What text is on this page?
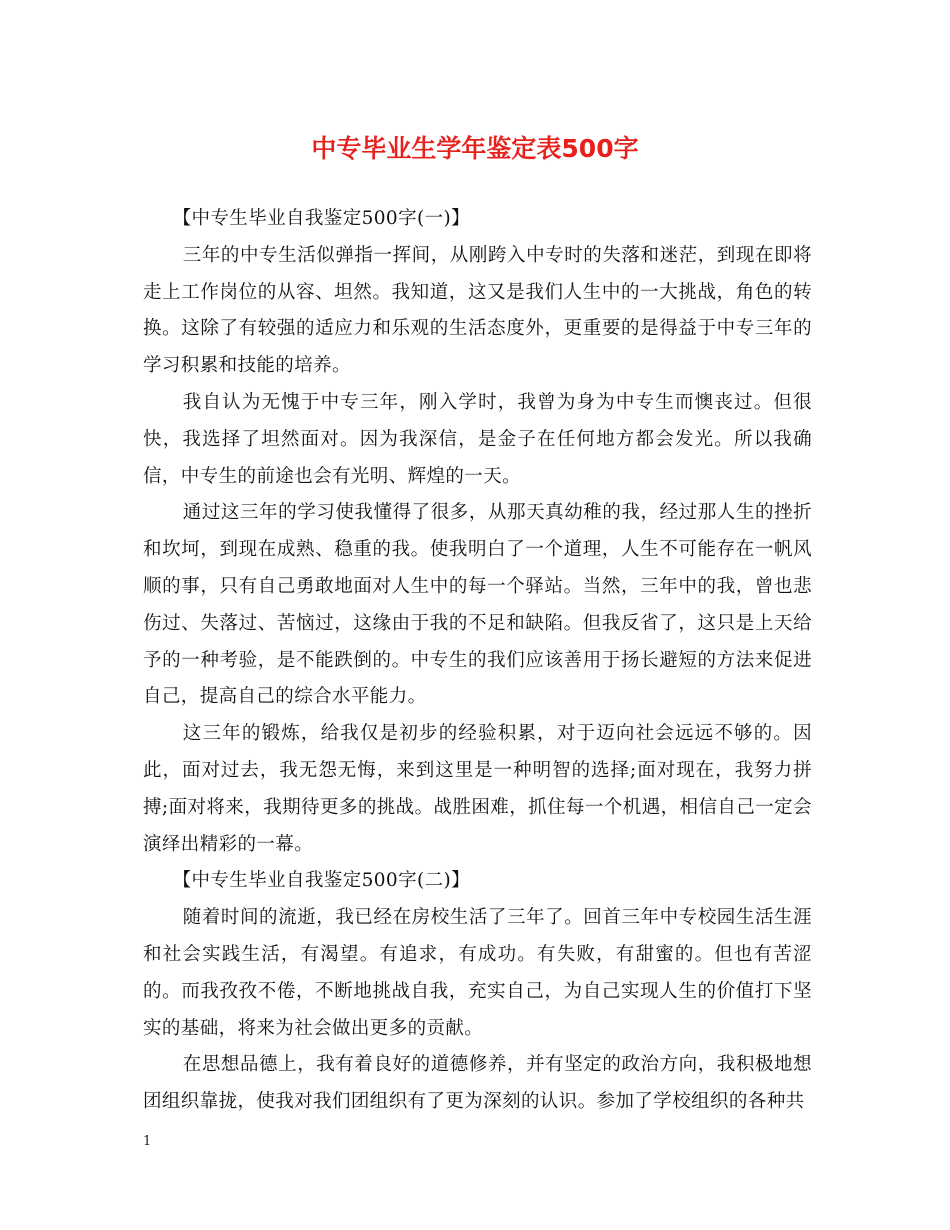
中专毕业生学年鉴定表500字

【中专生毕业自我鉴定500字(一)】

三年的中专生活似弹指一挥间，从刚跨入中专时的失落和迷茫，到现在即将走上工作岗位的从容、坦然。我知道，这又是我们人生中的一大挑战，角色的转换。这除了有较强的适应力和乐观的生活态度外，更重要的是得益于中专三年的学习积累和技能的培养。

我自认为无愧于中专三年，刚入学时，我曾为身为中专生而懊丧过。但很快，我选择了坦然面对。因为我深信，是金子在任何地方都会发光。所以我确信，中专生的前途也会有光明、辉煌的一天。

通过这三年的学习使我懂得了很多，从那天真幼稚的我，经过那人生的挫折和坎坷，到现在成熟、稳重的我。使我明白了一个道理，人生不可能存在一帆风顺的事，只有自己勇敢地面对人生中的每一个驿站。当然，三年中的我，曾也悲伤过、失落过、苦恼过，这缘由于我的不足和缺陷。但我反省了，这只是上天给予的一种考验，是不能跌倒的。中专生的我们应该善用于扬长避短的方法来促进自己，提高自己的综合水平能力。

这三年的锻炼，给我仅是初步的经验积累，对于迈向社会远远不够的。因此，面对过去，我无怨无悔，来到这里是一种明智的选择;面对现在，我努力拼搏;面对将来，我期待更多的挑战。战胜困难，抓住每一个机遇，相信自己一定会演绎出精彩的一幕。

【中专生毕业自我鉴定500字(二)】

随着时间的流逝，我已经在房校生活了三年了。回首三年中专校园生活生涯和社会实践生活，有渴望。有追求，有成功。有失败，有甜蜜的。但也有苦涩的。而我孜孜不倦，不断地挑战自我，充实自己，为自己实现人生的价值打下坚实的基础，将来为社会做出更多的贡献。

在思想品德上，我有着良好的道德修养，并有坚定的政治方向，我积极地想团组织靠拢，使我对我们团组织有了更为深刻的认识。参加了学校组织的各种共

1
